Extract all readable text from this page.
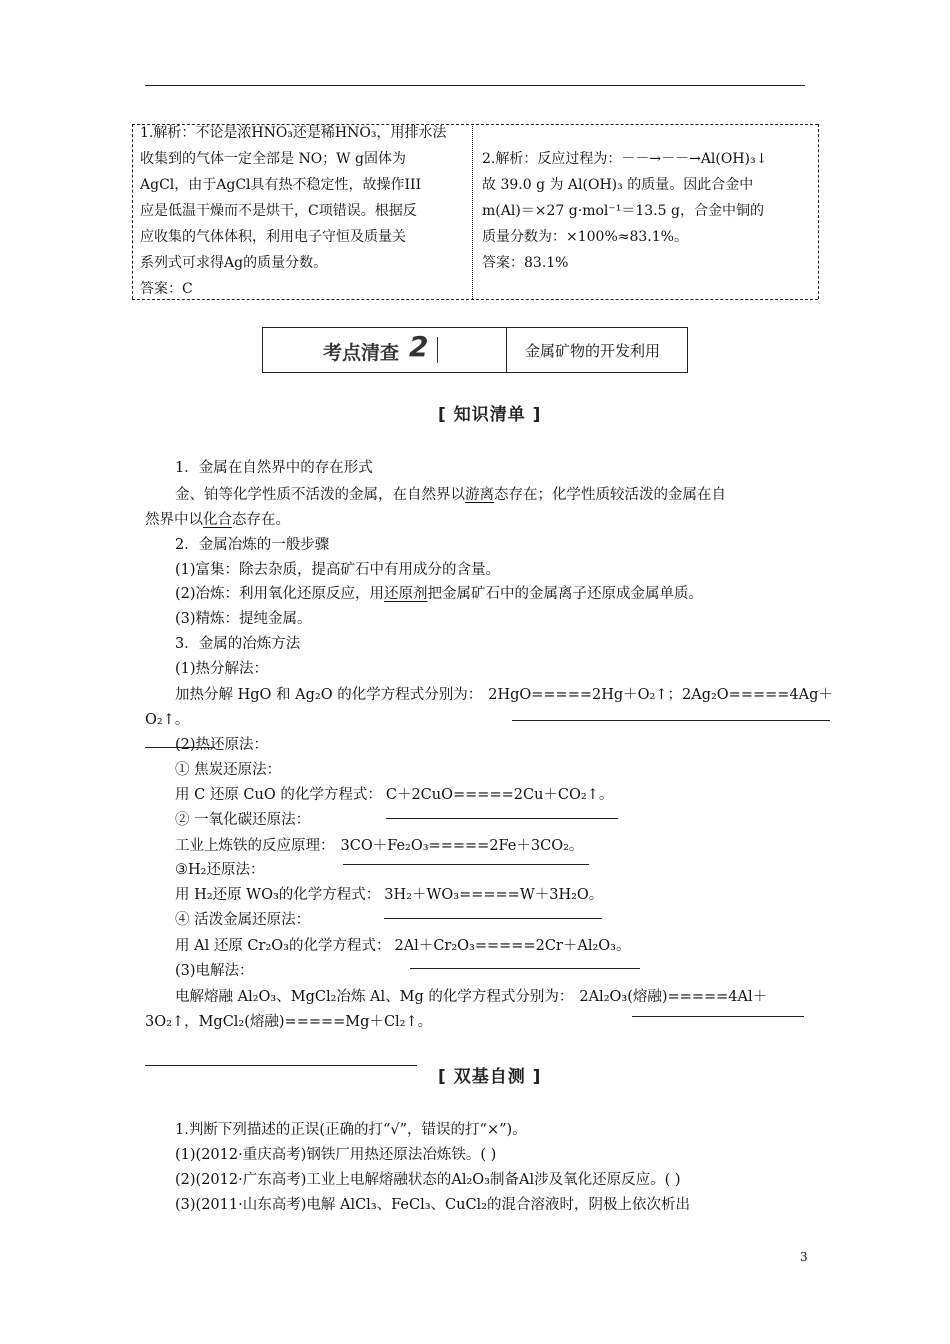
1.解析：不论是浓HNO₃还是稀HNO₃，用排水法
收集到的气体一定全部是 NO；W g固体为
AgCl，由于AgCl具有热不稳定性，故操作III
应是低温干燥而不是烘干，C项错误。根据反
应收集的气体体积，利用电子守恒及质量关
系列式可求得Ag的质量分数。
答案：C
2.解析：反应过程为：－－→－－→Al(OH)₃↓
故 39.0 g 为 Al(OH)₃ 的质量。因此合金中
m(Al)＝×27 g·mol⁻¹＝13.5 g，合金中铜的
质量分数为：×100%≈83.1%。
答案：83.1%
考点清查 2	金属矿物的开发利用
[ 知识清单 ]
1．金属在自然界中的存在形式
金、铂等化学性质不活泼的金属，在自然界以游离态存在；化学性质较活泼的金属在自
然界中以化合态存在。
2．金属冶炼的一般步骤
(1)富集：除去杂质，提高矿石中有用成分的含量。
(2)冶炼：利用氧化还原反应，用还原剂把金属矿石中的金属离子还原成金属单质。
(3)精炼：提纯金属。
3．金属的冶炼方法
(1)热分解法：
加热分解 HgO 和 Ag₂O 的化学方程式分别为： 2HgO=====2Hg＋O₂↑；2Ag₂O=====4Ag＋
O₂↑。
(2)热还原法：
① 焦炭还原法：
用 C 还原 CuO 的化学方程式： C＋2CuO=====2Cu＋CO₂↑。
② 一氧化碳还原法：
工业上炼铁的反应原理： 3CO＋Fe₂O₃=====2Fe＋3CO₂。
③H₂还原法：
用 H₂还原 WO₃的化学方程式： 3H₂＋WO₃=====W＋3H₂O。
④ 活泼金属还原法：
用 Al 还原 Cr₂O₃的化学方程式： 2Al＋Cr₂O₃=====2Cr＋Al₂O₃。
(3)电解法：
电解熔融 Al₂O₃、MgCl₂冶炼 Al、Mg 的化学方程式分别为： 2Al₂O₃(熔融)=====4Al＋
3O₂↑，MgCl₂(熔融)=====Mg＋Cl₂↑。
[ 双基自测 ]
1.判断下列描述的正误(正确的打“√”，错误的打“×”)。
(1)(2012·重庆高考)钢铁厂用热还原法冶炼铁。( )
(2)(2012·广东高考)工业上电解熔融状态的Al₂O₃制备Al涉及氧化还原反应。( )
(3)(2011·山东高考)电解 AlCl₃、FeCl₃、CuCl₂的混合溶液时，阴极上依次析出
3
